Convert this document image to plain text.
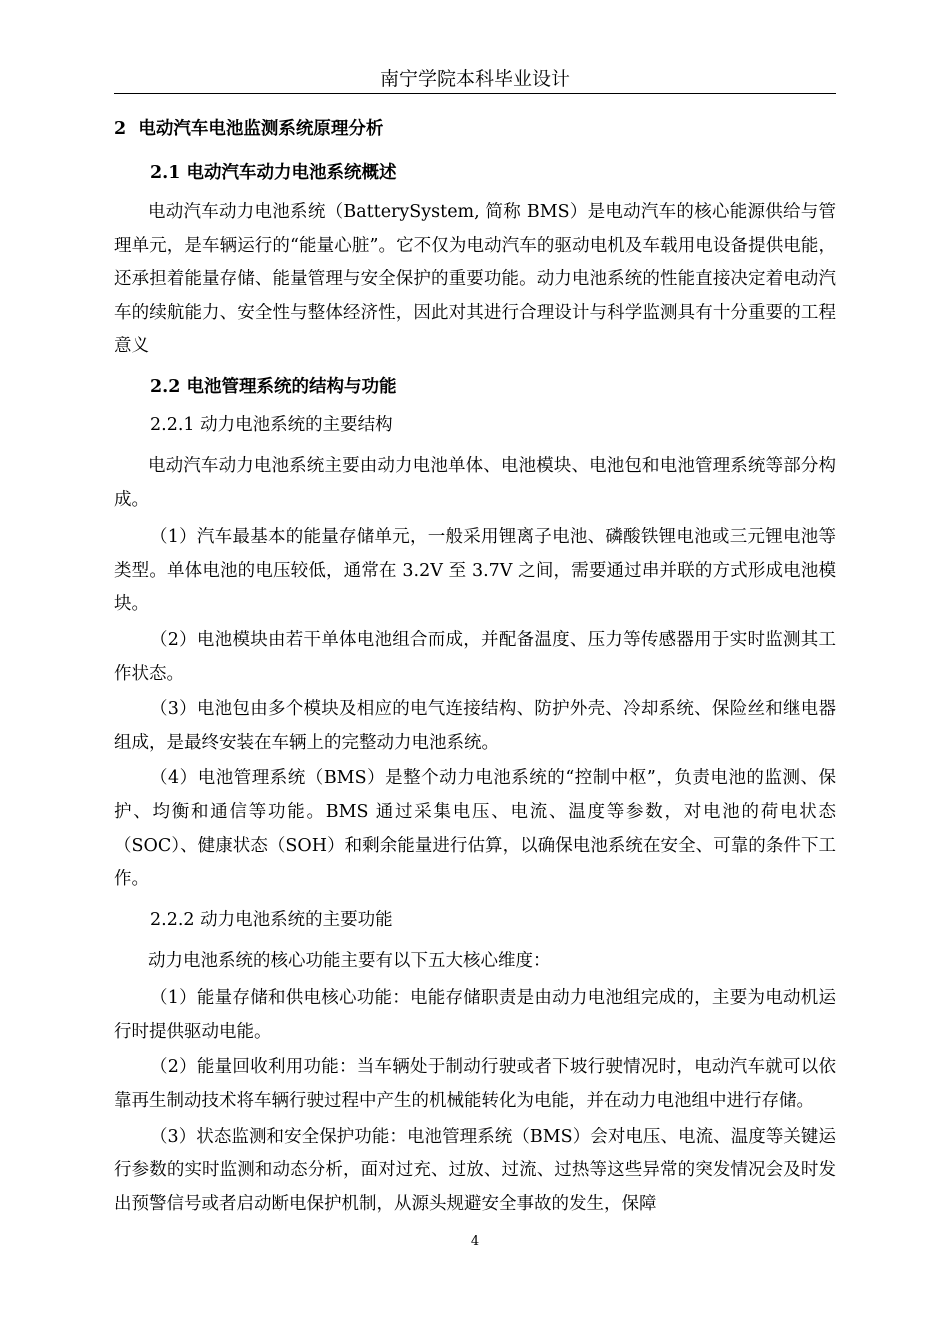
南宁学院本科毕业设计
2  电动汽车电池监测系统原理分析
2.1 电动汽车动力电池系统概述

电动汽车动力电池系统（BatterySystem, 简称 BMS）是电动汽车的核心能源供给与管理单元，是车辆运行的“能量心脏”。它不仅为电动汽车的驱动电机及车载用电设备提供电能，还承担着能量存储、能量管理与安全保护的重要功能。动力电池系统的性能直接决定着电动汽车的续航能力、安全性与整体经济性，因此对其进行合理设计与科学监测具有十分重要的工程意义

2.2 电池管理系统的结构与功能
2.2.1 动力电池系统的主要结构

电动汽车动力电池系统主要由动力电池单体、电池模块、电池包和电池管理系统等部分构成。

（1）汽车最基本的能量存储单元，一般采用锂离子电池、磷酸铁锂电池或三元锂电池等类型。单体电池的电压较低，通常在 3.2V 至 3.7V 之间，需要通过串并联的方式形成电池模块。

（2）电池模块由若干单体电池组合而成，并配备温度、压力等传感器用于实时监测其工作状态。

（3）电池包由多个模块及相应的电气连接结构、防护外壳、冷却系统、保险丝和继电器组成，是最终安装在车辆上的完整动力电池系统。

（4）电池管理系统（BMS）是整个动力电池系统的“控制中枢”，负责电池的监测、保护、均衡和通信等功能。BMS 通过采集电压、电流、温度等参数，对电池的荷电状态（SOC）、健康状态（SOH）和剩余能量进行估算，以确保电池系统在安全、可靠的条件下工作。

2.2.2 动力电池系统的主要功能

动力电池系统的核心功能主要有以下五大核心维度：

（1）能量存储和供电核心功能：电能存储职责是由动力电池组完成的，主要为电动机运行时提供驱动电能。

（2）能量回收利用功能：当车辆处于制动行驶或者下坡行驶情况时，电动汽车就可以依靠再生制动技术将车辆行驶过程中产生的机械能转化为电能，并在动力电池组中进行存储。

（3）状态监测和安全保护功能：电池管理系统（BMS）会对电压、电流、温度等关键运行参数的实时监测和动态分析，面对过充、过放、过流、过热等这些异常的突发情况会及时发出预警信号或者启动断电保护机制，从源头规避安全事故的发生，保障

4
